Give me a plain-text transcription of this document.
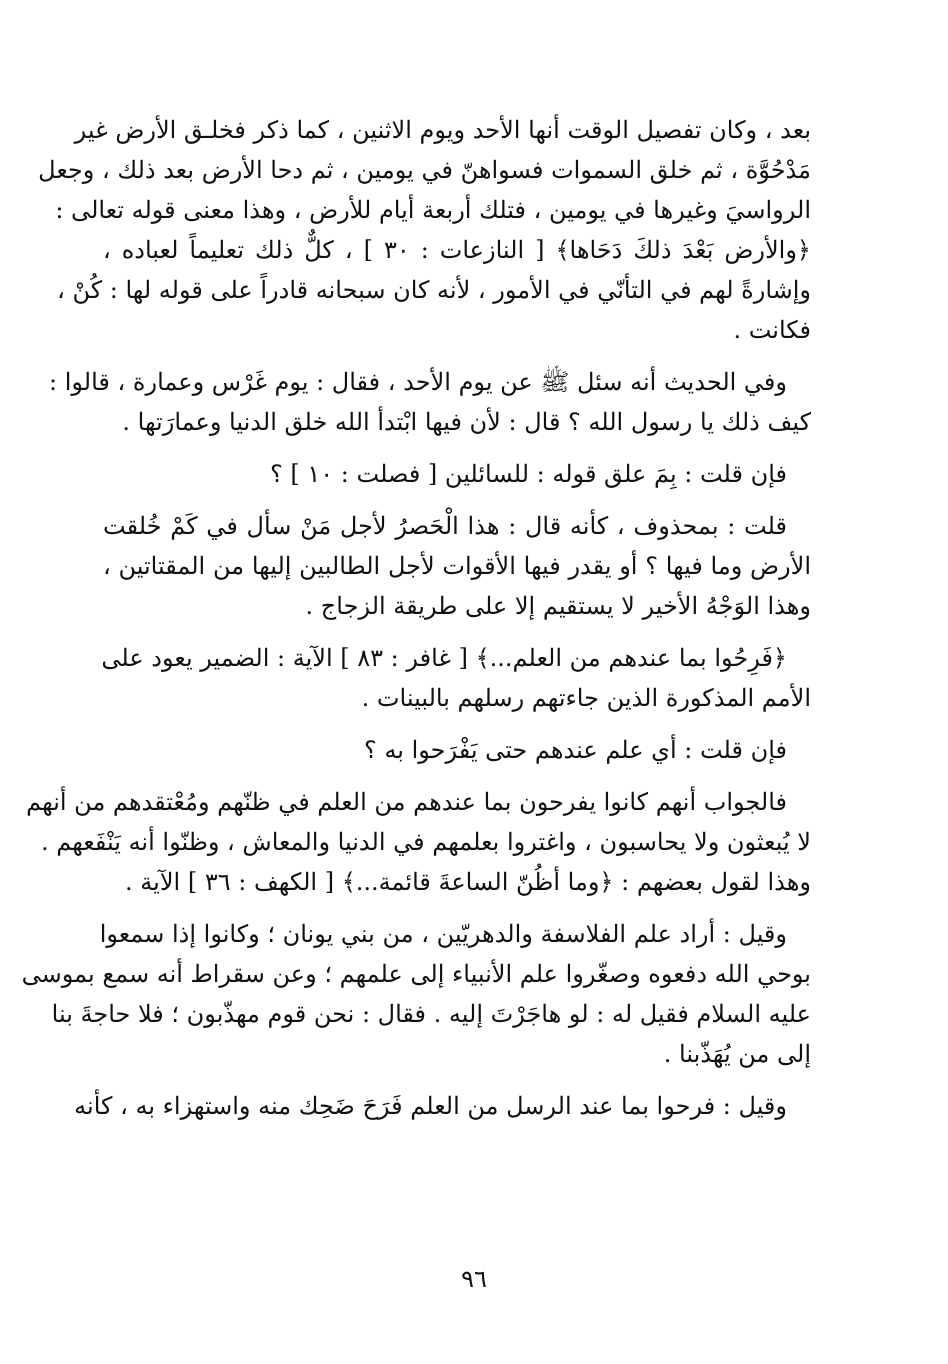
بعد ، وكان تفصيل الوقت أنها الأحد ويوم الاثنين ، كما ذكر فخلـق الأرض غير
مَدْحُوَّة ، ثم خلق السموات فسواهنّ في يومين ، ثم دحا الأرض بعد ذلك ، وجعل
الرواسيَ وغيرها في يومين ، فتلك أربعة أيام للأرض ، وهذا معنى قوله تعالى :
﴿والأرض بَعْدَ ذلكَ دَحَاها﴾ [ النازعات : ٣٠ ] ، كلٌّ ذلك تعليماً لعباده ،
وإشارةً لهم في التأنّي في الأمور ، لأنه كان سبحانه قادراً على قوله لها : كُنْ ،
فكانت .

وفي الحديث أنه سئل ﷺ عن يوم الأحد ، فقال : يوم غَرْس وعمارة ، قالوا :
كيف ذلك يا رسول الله ؟ قال : لأن فيها ابْتدأ الله خلق الدنيا وعمارَتها .

فإن قلت : بِمَ علق قوله : للسائلين [ فصلت : ١٠ ] ؟

قلت : بمحذوف ، كأنه قال : هذا الْحَصرُ لأجل مَنْ سأل في كَمْ خُلقت
الأرض وما فيها ؟ أو يقدر فيها الأقوات لأجل الطالبين إليها من المقتاتين ،
وهذا الوَجْهُ الأخير لا يستقيم إلا على طريقة الزجاج .

﴿فَرِحُوا بما عندهم من العلم...﴾ [ غافر : ٨٣ ] الآية : الضمير يعود على
الأمم المذكورة الذين جاءتهم رسلهم بالبينات .

فإن قلت : أي علم عندهم حتى يَفْرَحوا به ؟

فالجواب أنهم كانوا يفرحون بما عندهم من العلم في ظنّهم ومُعْتقدهم من أنهم
لا يُبعثون ولا يحاسبون ، واغتروا بعلمهم في الدنيا والمعاش ، وظنّوا أنه يَنْفَعهم .
وهذا لقول بعضهم : ﴿وما أظُنّ الساعةَ قائمة...﴾ [ الكهف : ٣٦ ] الآية .

وقيل : أراد علم الفلاسفة والدهريّين ، من بني يونان ؛ وكانوا إذا سمعوا
بوحي الله دفعوه وصغّروا علم الأنبياء إلى علمهم ؛ وعن سقراط أنه سمع بموسى
عليه السلام فقيل له : لو هاجَرْتَ إليه . فقال : نحن قوم مهذّبون ؛ فلا حاجةَ بنا
إلى من يُهَذّبنا .

وقيل : فرحوا بما عند الرسل من العلم فَرَحَ ضَحِك منه واستهزاء به ، كأنه

٩٦
